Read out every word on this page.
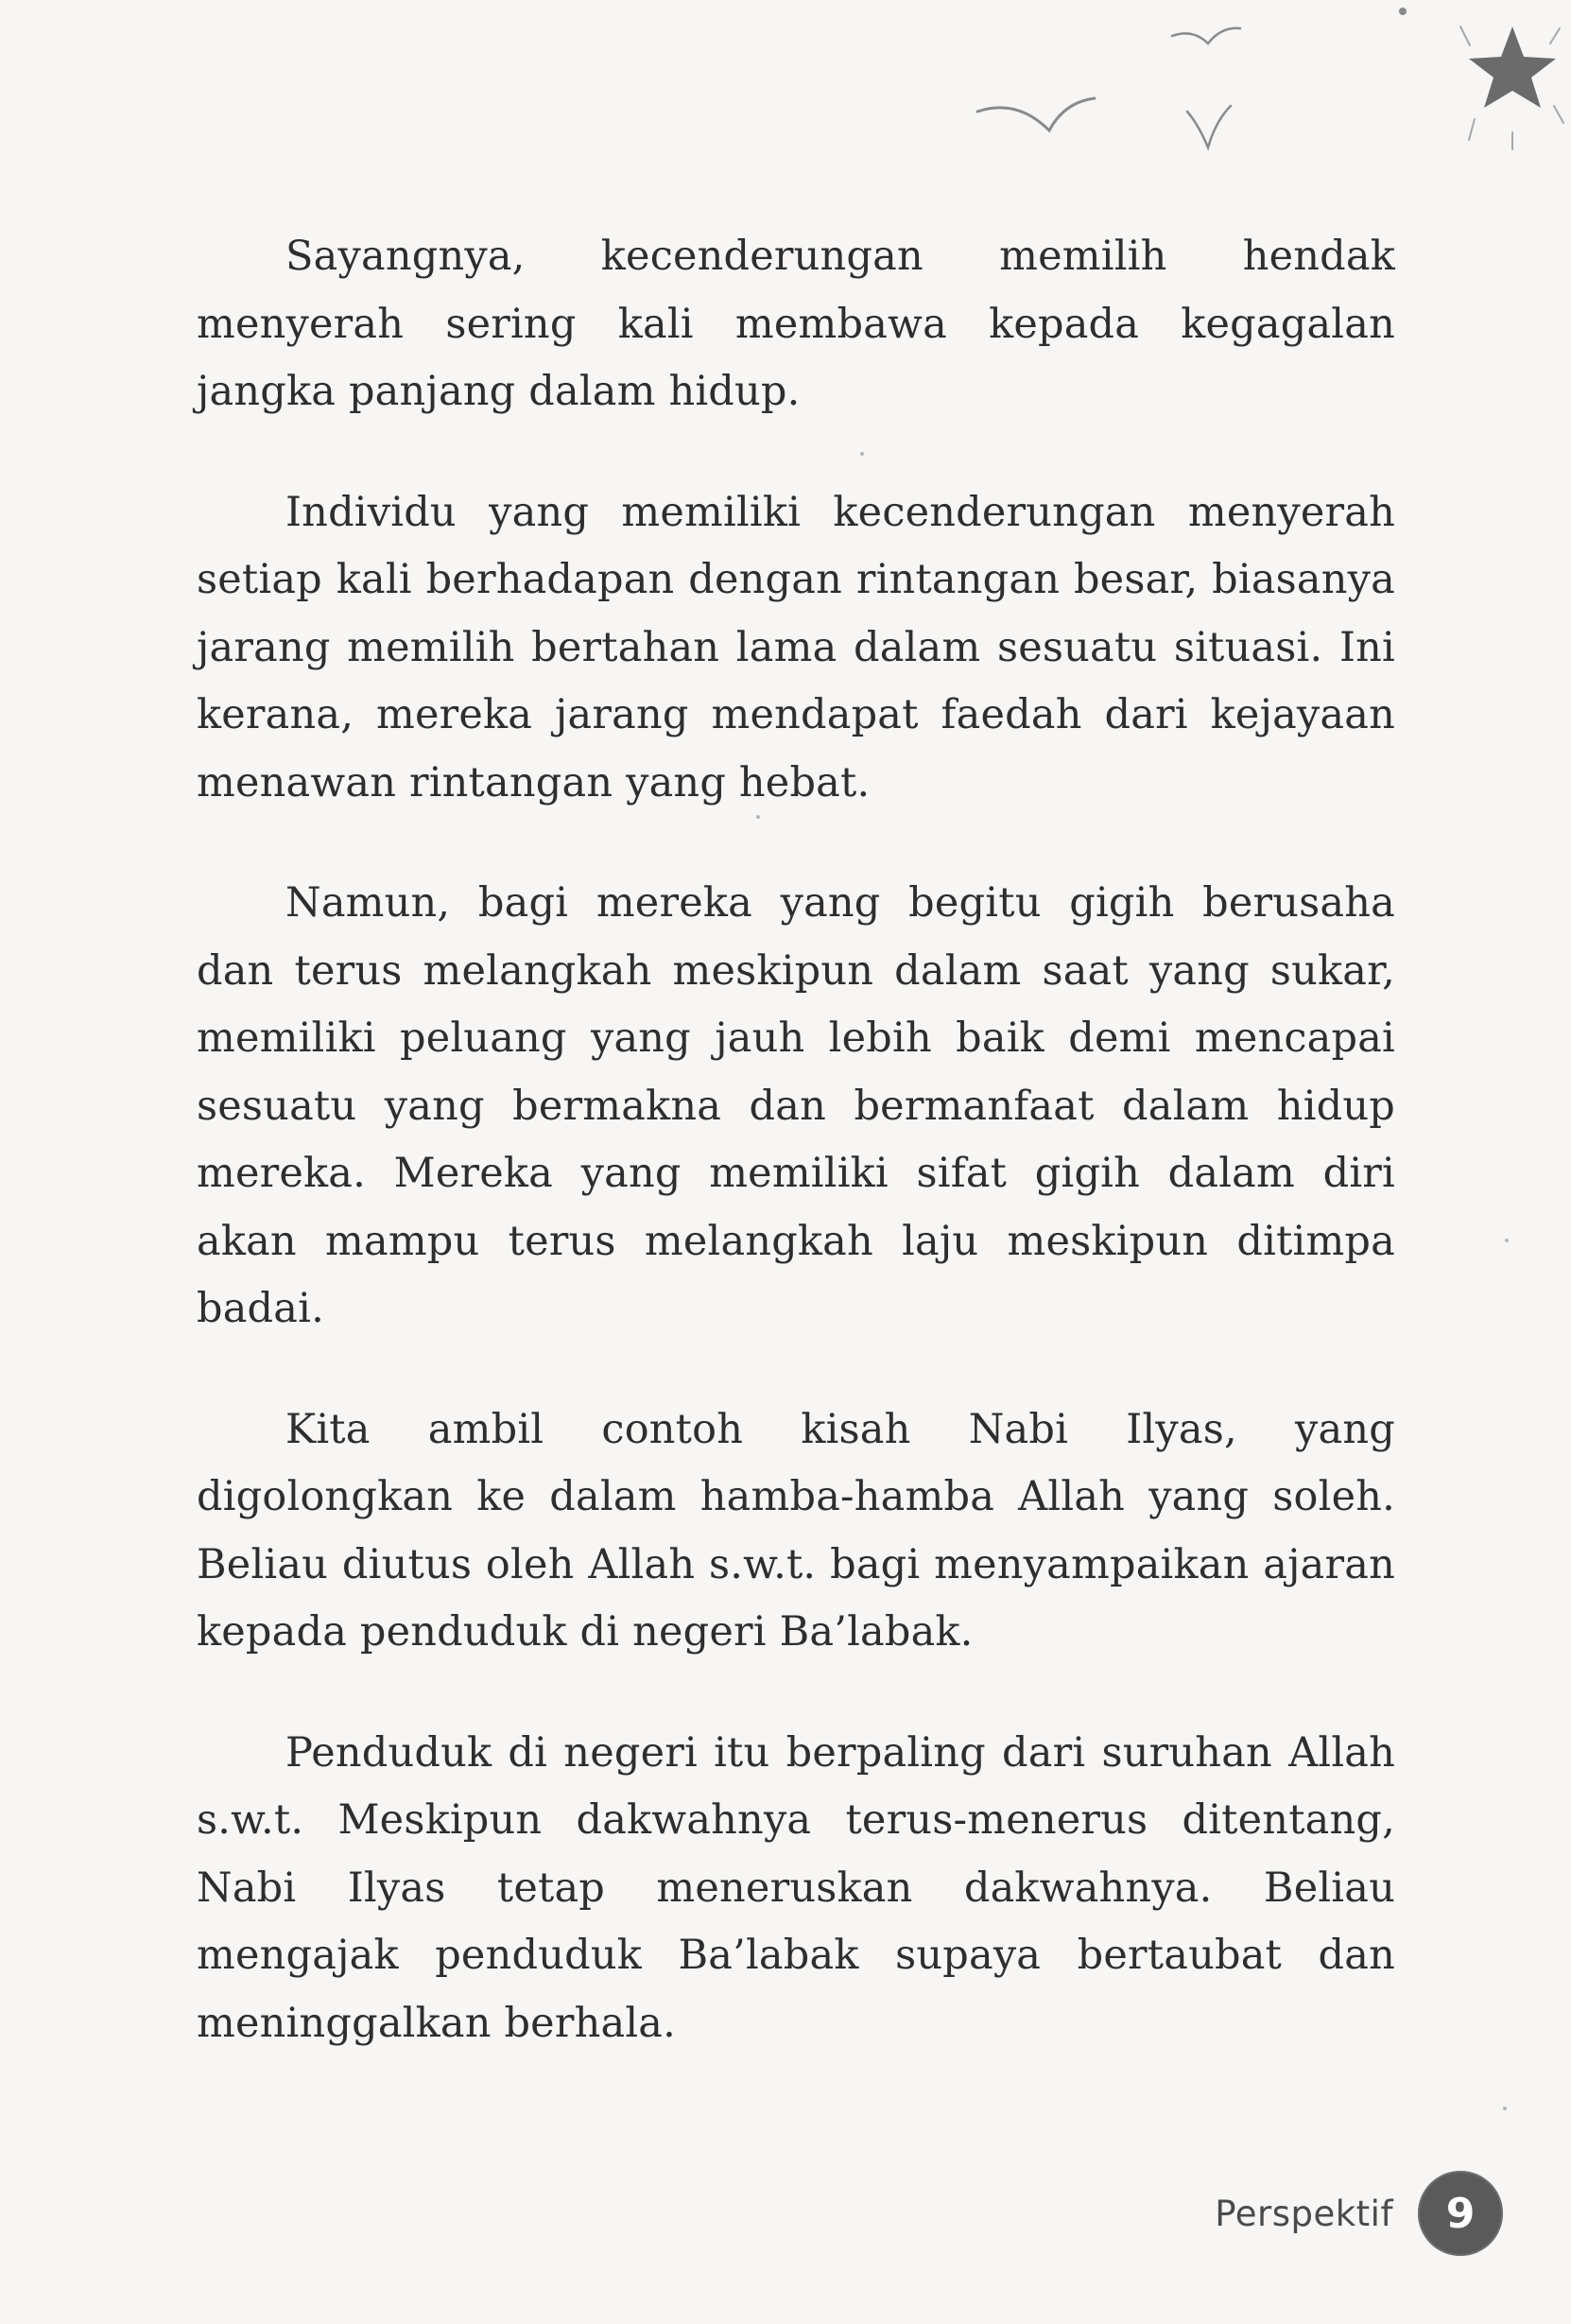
Sayangnya, kecenderungan memilih hendak menyerah sering kali membawa kepada kegagalan jangka panjang dalam hidup.

Individu yang memiliki kecenderungan menyerah setiap kali berhadapan dengan rintangan besar, biasanya jarang memilih bertahan lama dalam sesuatu situasi. Ini kerana, mereka jarang mendapat faedah dari kejayaan menawan rintangan yang hebat.

Namun, bagi mereka yang begitu gigih berusaha dan terus melangkah meskipun dalam saat yang sukar, memiliki peluang yang jauh lebih baik demi mencapai sesuatu yang bermakna dan bermanfaat dalam hidup mereka. Mereka yang memiliki sifat gigih dalam diri akan mampu terus melangkah laju meskipun ditimpa badai.

Kita ambil contoh kisah Nabi Ilyas, yang digolongkan ke dalam hamba-hamba Allah yang soleh. Beliau diutus oleh Allah s.w.t. bagi menyampaikan ajaran kepada penduduk di negeri Ba’labak.

Penduduk di negeri itu berpaling dari suruhan Allah s.w.t. Meskipun dakwahnya terus-menerus ditentang, Nabi Ilyas tetap meneruskan dakwahnya. Beliau mengajak penduduk Ba’labak supaya bertaubat dan meninggalkan berhala.

Perspektif	9
